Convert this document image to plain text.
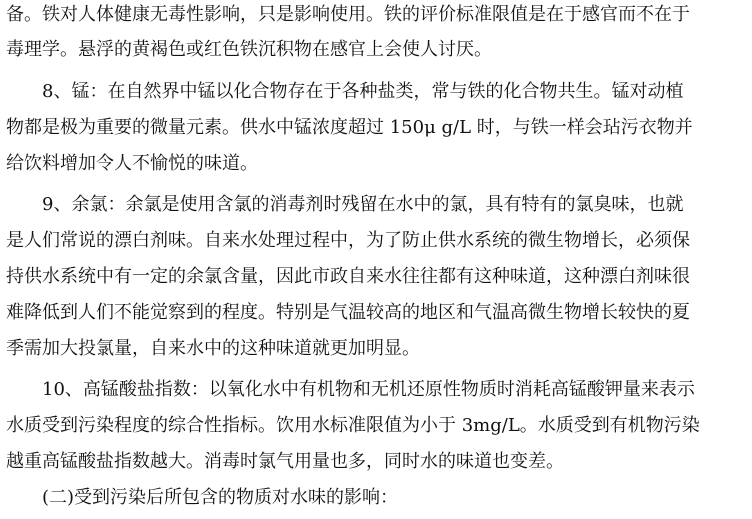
备。铁对人体健康无毒性影响，只是影响使用。铁的评价标准限值是在于感官而不在于
毒理学。悬浮的黄褐色或红色铁沉积物在感官上会使人讨厌。
8、锰：在自然界中锰以化合物存在于各种盐类，常与铁的化合物共生。锰对动植
物都是极为重要的微量元素。供水中锰浓度超过 150μ g/L 时，与铁一样会玷污衣物并
给饮料增加令人不愉悦的味道。
9、余氯：余氯是使用含氯的消毒剂时残留在水中的氯，具有特有的氯臭味，也就
是人们常说的漂白剂味。自来水处理过程中，为了防止供水系统的微生物增长，必须保
持供水系统中有一定的余氯含量，因此市政自来水往往都有这种味道，这种漂白剂味很
难降低到人们不能觉察到的程度。特别是气温较高的地区和气温高微生物增长较快的夏
季需加大投氯量，自来水中的这种味道就更加明显。
10、高锰酸盐指数：以氧化水中有机物和无机还原性物质时消耗高锰酸钾量来表示
水质受到污染程度的综合性指标。饮用水标准限值为小于 3mg/L。水质受到有机物污染
越重高锰酸盐指数越大。消毒时氯气用量也多，同时水的味道也变差。
(二)受到污染后所包含的物质对水味的影响：
